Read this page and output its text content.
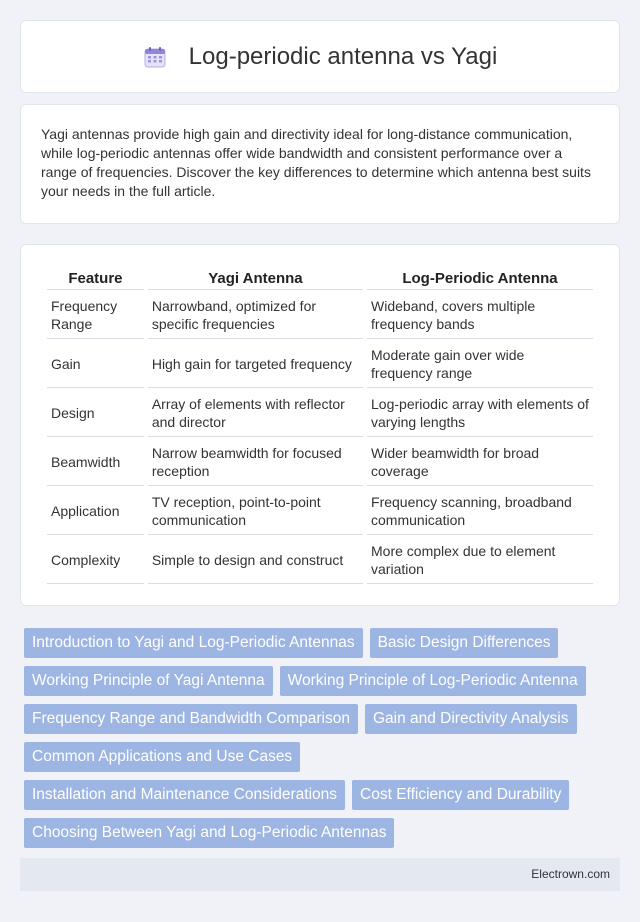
Log-periodic antenna vs Yagi

Yagi antennas provide high gain and directivity ideal for long-distance communication, while log-periodic antennas offer wide bandwidth and consistent performance over a range of frequencies. Discover the key differences to determine which antenna best suits your needs in the full article.

Feature	Yagi Antenna	Log-Periodic Antenna
Frequency Range	Narrowband, optimized for specific frequencies	Wideband, covers multiple frequency bands
Gain	High gain for targeted frequency	Moderate gain over wide frequency range
Design	Array of elements with reflector and director	Log-periodic array with elements of varying lengths
Beamwidth	Narrow beamwidth for focused reception	Wider beamwidth for broad coverage
Application	TV reception, point-to-point communication	Frequency scanning, broadband communication
Complexity	Simple to design and construct	More complex due to element variation
Introduction to Yagi and Log-Periodic Antennas	Basic Design Differences
Working Principle of Yagi Antenna	Working Principle of Log-Periodic Antenna
Frequency Range and Bandwidth Comparison	Gain and Directivity Analysis
Common Applications and Use Cases
Installation and Maintenance Considerations	Cost Efficiency and Durability
Choosing Between Yagi and Log-Periodic Antennas
Electrown.com
